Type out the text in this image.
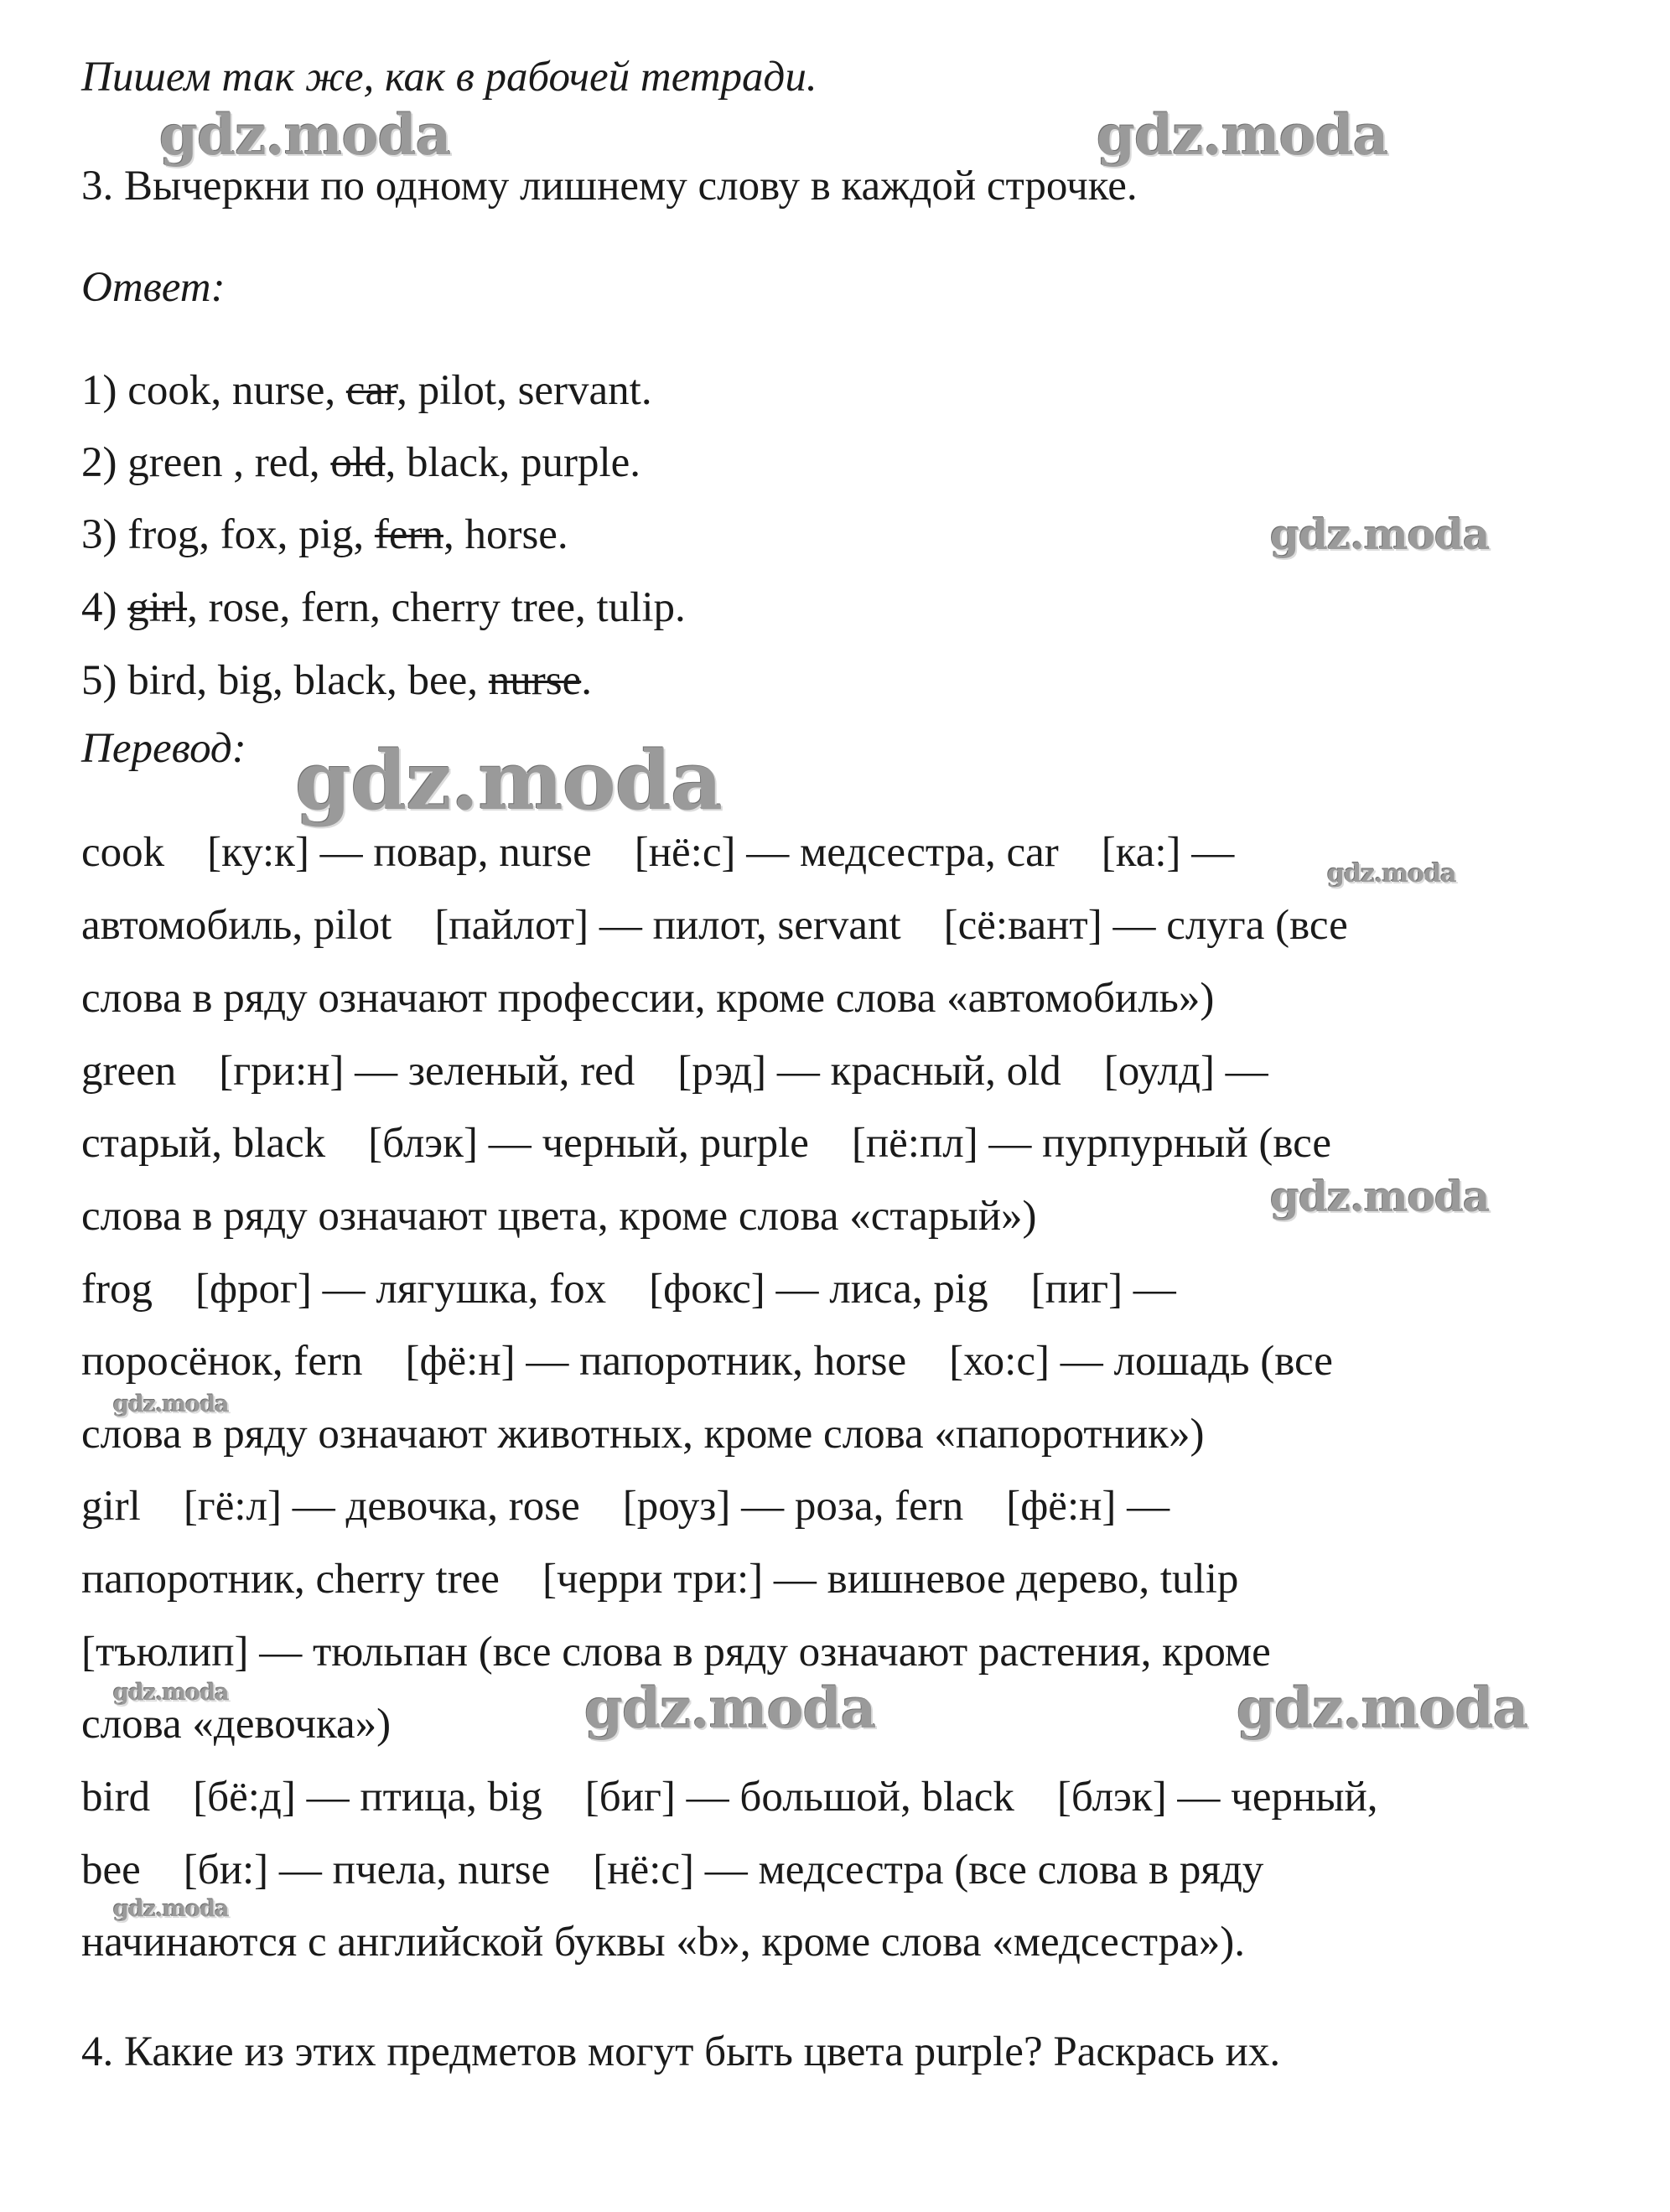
Пишем так же, как в рабочей тетради.
3. Вычеркни по одному лишнему слову в каждой строчке.
Ответ:
1) cook, nurse, car, pilot, servant.
2) green , red, old, black, purple.
3) frog, fox, pig, fern, horse.
4) girl, rose, fern, cherry tree, tulip.
5) bird, big, black, bee, nurse.
Перевод:
cook    [ку:к] — повар, nurse    [нё:с] — медсестра, car    [ка:] —
автомобиль, pilot    [пайлот] — пилот, servant    [сё:вант] — слуга (все
слова в ряду означают профессии, кроме слова «автомобиль»)
green    [гри:н] — зеленый, red    [рэд] — красный, old    [оулд] —
старый, black    [блэк] — черный, purple    [пё:пл] — пурпурный (все
слова в ряду означают цвета, кроме слова «старый»)
frog    [фрог] — лягушка, fox    [фокс] — лиса, pig    [пиг] —
поросёнок, fern    [фё:н] — папоротник, horse    [хо:с] — лошадь (все
слова в ряду означают животных, кроме слова «папоротник»)
girl    [гё:л] — девочка, rose    [роуз] — роза, fern    [фё:н] —
папоротник, cherry tree    [черри три:] — вишневое дерево, tulip
[тъюлип] — тюльпан (все слова в ряду означают растения, кроме
слова «девочка»)
bird    [бё:д] — птица, big    [биг] — большой, black    [блэк] — черный,
bee    [би:] — пчела, nurse    [нё:с] — медсестра (все слова в ряду
начинаются с английской буквы «b», кроме слова «медсестра»).
4. Какие из этих предметов могут быть цвета purple? Раскрась их.
gdz.moda	gdz.moda
gdz.moda
gdz.moda
gdz.moda
gdz.moda
gdz.moda
gdz.moda	gdz.moda
gdz.moda
gdz.moda
